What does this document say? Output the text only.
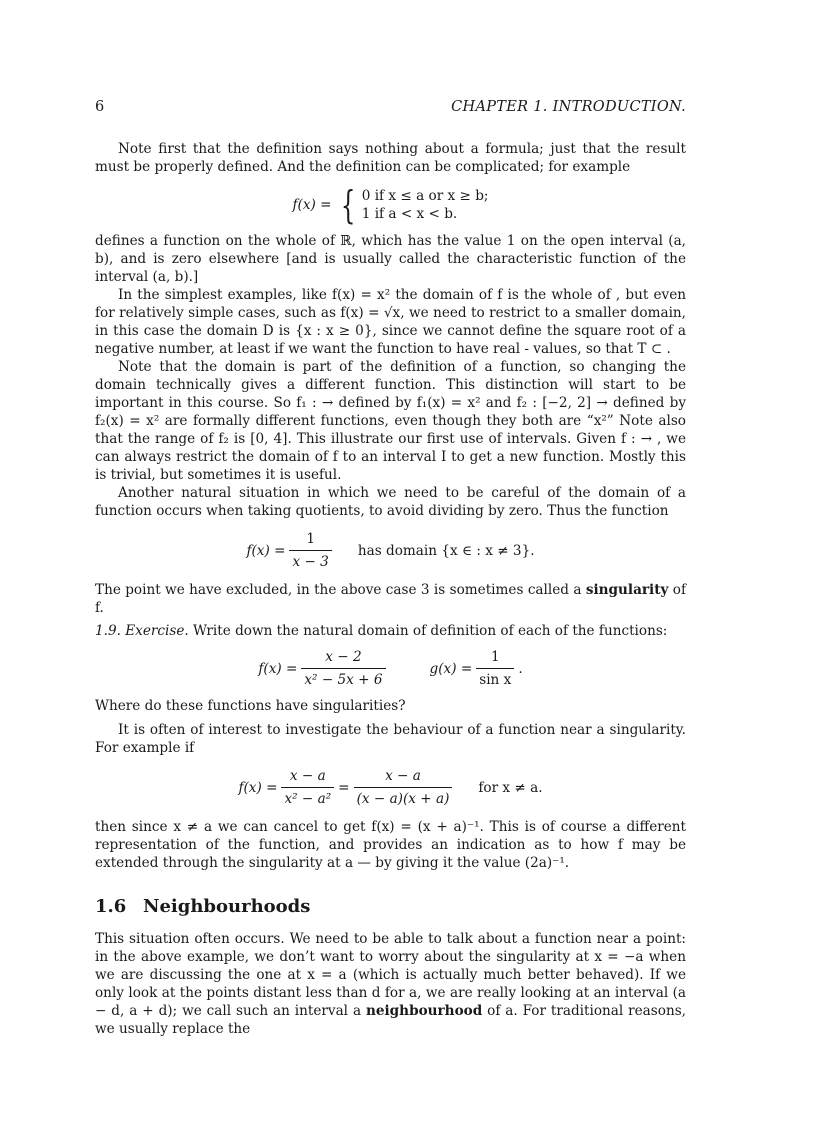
6	CHAPTER 1. INTRODUCTION.

Note first that the definition says nothing about a formula; just that the result must be properly defined. And the definition can be complicated; for example

f(x) = { 0 if x ≤ a or x ≥ b;
1 if a < x < b.

defines a function on the whole of ℝ, which has the value 1 on the open interval (a, b), and is zero elsewhere [and is usually called the characteristic function of the interval (a, b).]

In the simplest examples, like f(x) = x² the domain of f is the whole of , but even for relatively simple cases, such as f(x) = √x, we need to restrict to a smaller domain, in this case the domain D is {x : x ≥ 0}, since we cannot define the square root of a negative number, at least if we want the function to have real - values, so that T ⊂ .

Note that the domain is part of the definition of a function, so changing the domain technically gives a different function. This distinction will start to be important in this course. So f₁ : → defined by f₁(x) = x² and f₂ : [−2, 2] → defined by f₂(x) = x² are formally different functions, even though they both are “x²” Note also that the range of f₂ is [0, 4]. This illustrate our first use of intervals. Given f : → , we can always restrict the domain of f to an interval I to get a new function. Mostly this is trivial, but sometimes it is useful.

Another natural situation in which we need to be careful of the domain of a function occurs when taking quotients, to avoid dividing by zero. Thus the function

$f(x) = \frac{1}{x - 3}$ has domain {x ∈ : x ≠ 3}.

The point we have excluded, in the above case 3 is sometimes called a singularity of f.

1.9. Exercise. Write down the natural domain of definition of each of the functions:

$f(x) = \frac{x - 2}{\text{x² − 5x + 6}}$	$g(x) = \frac{1}{\text{sin x}}$ .

Where do these functions have singularities?

It is often of interest to investigate the behaviour of a function near a singularity. For example if

$f(x) = \frac{x - a}{\text{x² − a²}} = \frac{x - a}{(x - a)(x + a)}$ for x ≠ a.

then since x ≠ a we can cancel to get f(x) = (x + a)⁻¹. This is of course a different representation of the function, and provides an indication as to how f may be extended through the singularity at a — by giving it the value (2a)⁻¹.

1.6 Neighbourhoods

This situation often occurs. We need to be able to talk about a function near a point: in the above example, we don’t want to worry about the singularity at x = −a when we are discussing the one at x = a (which is actually much better behaved). If we only look at the points distant less than d for a, we are really looking at an interval (a − d, a + d); we call such an interval a neighbourhood of a. For traditional reasons, we usually replace the
